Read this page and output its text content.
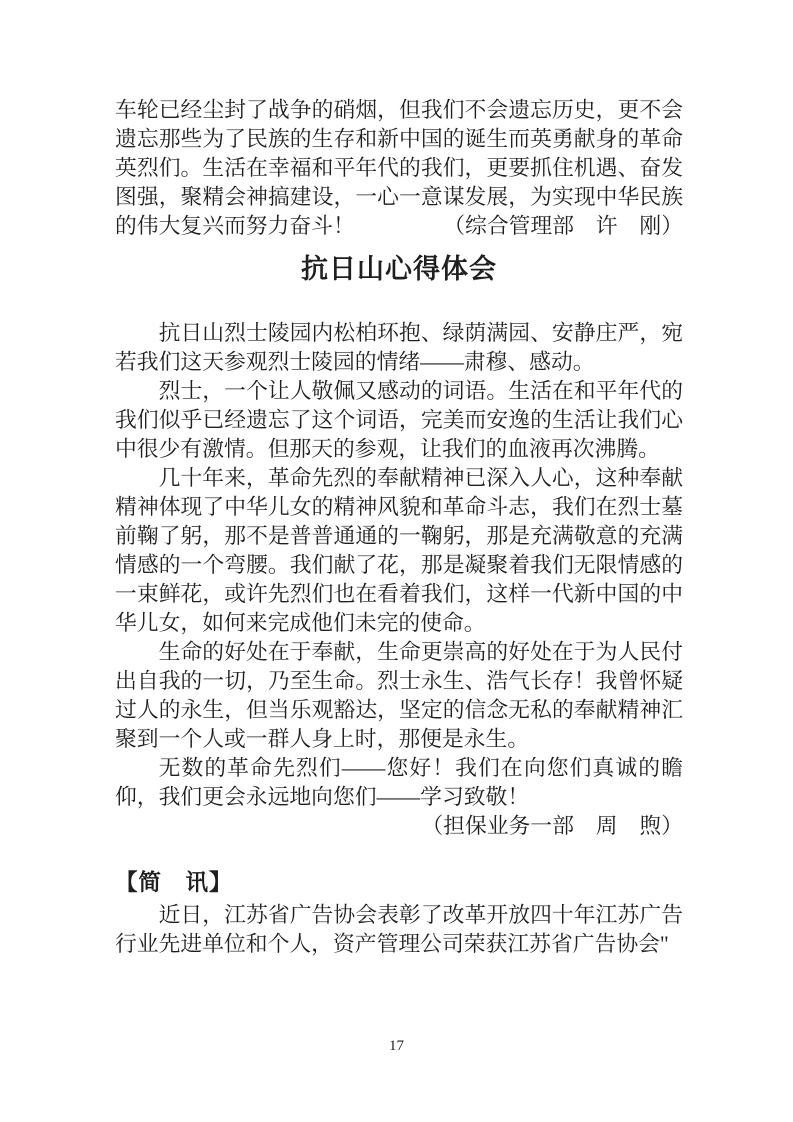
车轮已经尘封了战争的硝烟，但我们不会遗忘历史，更不会遗忘那些为了民族的生存和新中国的诞生而英勇献身的革命英烈们。生活在幸福和平年代的我们，更要抓住机遇、奋发图强，聚精会神搞建设，一心一意谋发展，为实现中华民族的伟大复兴而努力奋斗！	（综合管理部　许　刚）

抗日山心得体会

抗日山烈士陵园内松柏环抱、绿荫满园、安静庄严，宛若我们这天参观烈士陵园的情绪——肃穆、感动。

烈士，一个让人敬佩又感动的词语。生活在和平年代的我们似乎已经遗忘了这个词语，完美而安逸的生活让我们心中很少有激情。但那天的参观，让我们的血液再次沸腾。

几十年来，革命先烈的奉献精神已深入人心，这种奉献精神体现了中华儿女的精神风貌和革命斗志，我们在烈士墓前鞠了躬，那不是普普通通的一鞠躬，那是充满敬意的充满情感的一个弯腰。我们献了花，那是凝聚着我们无限情感的一束鲜花，或许先烈们也在看着我们，这样一代新中国的中华儿女，如何来完成他们未完的使命。

生命的好处在于奉献，生命更崇高的好处在于为人民付出自我的一切，乃至生命。烈士永生、浩气长存！我曾怀疑过人的永生，但当乐观豁达，坚定的信念无私的奉献精神汇聚到一个人或一群人身上时，那便是永生。

无数的革命先烈们——您好！我们在向您们真诚的瞻仰，我们更会永远地向您们——学习致敬！

（担保业务一部　周　煦）

【简　讯】

近日，江苏省广告协会表彰了改革开放四十年江苏广告行业先进单位和个人，资产管理公司荣获江苏省广告协会"

17
